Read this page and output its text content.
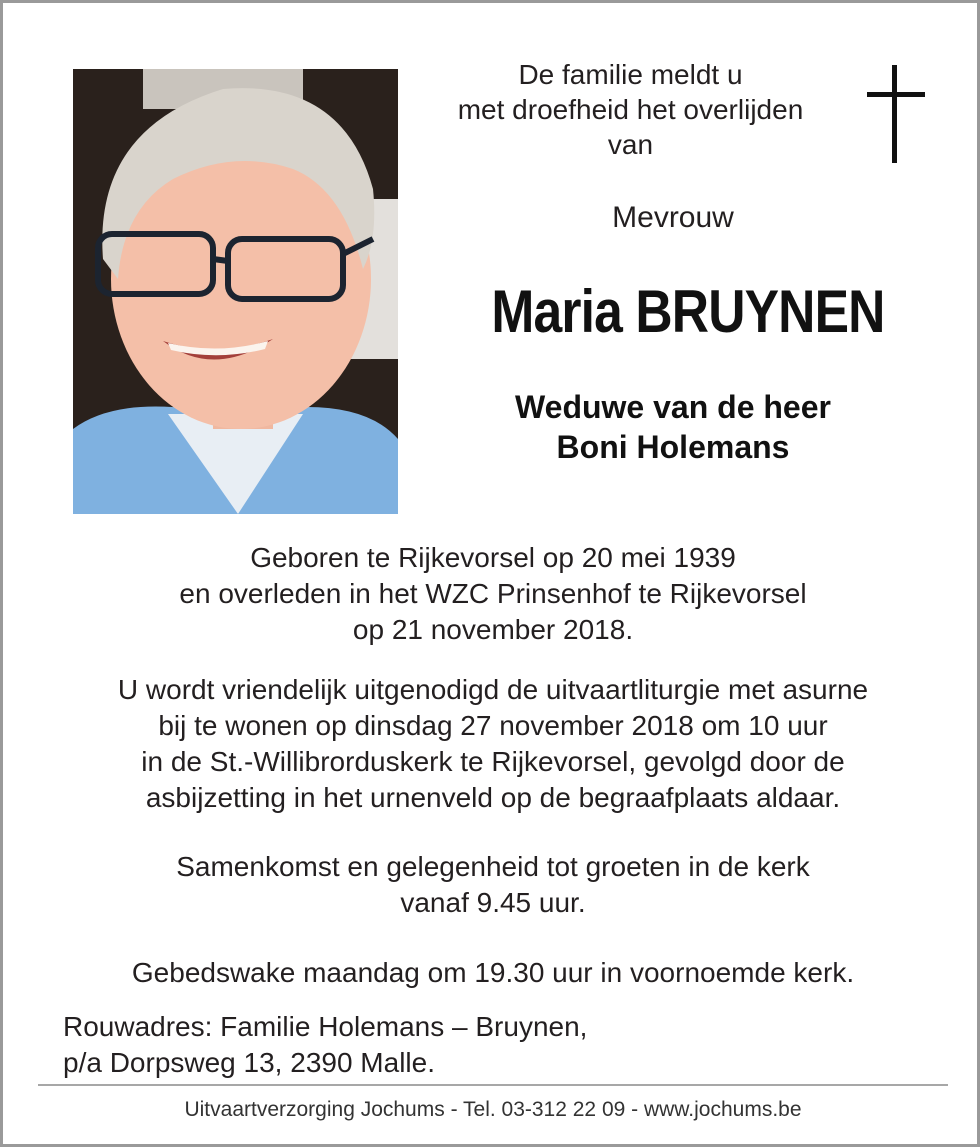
De familie meldt u
met droefheid het overlijden
van
Mevrouw
Maria BRUYNEN
Weduwe van de heer
Boni Holemans
Geboren te Rijkevorsel op 20 mei 1939
en overleden in het WZC Prinsenhof te Rijkevorsel
op 21 november 2018.
U wordt vriendelijk uitgenodigd de uitvaartliturgie met asurne
bij te wonen op dinsdag 27 november 2018 om 10 uur
in de St.-Willibrorduskerk te Rijkevorsel, gevolgd door de
asbijzetting in het urnenveld op de begraafplaats aldaar.
Samenkomst en gelegenheid tot groeten in de kerk
vanaf 9.45 uur.
Gebedswake maandag om 19.30 uur in voornoemde kerk.
Rouwadres: Familie Holemans – Bruynen,
p/a Dorpsweg 13, 2390 Malle.
Uitvaartverzorging Jochums - Tel. 03-312 22 09 - www.jochums.be
